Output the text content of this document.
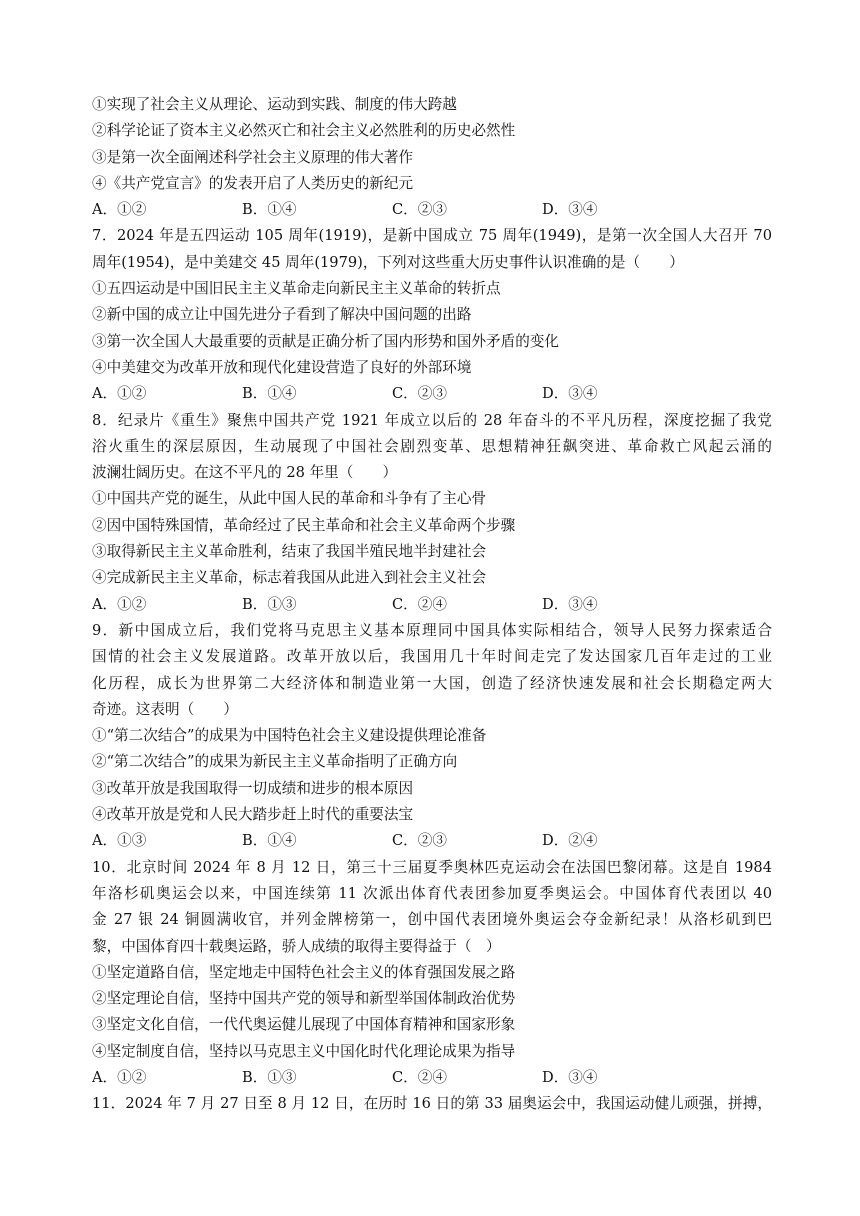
①实现了社会主义从理论、运动到实践、制度的伟大跨越
②科学论证了资本主义必然灭亡和社会主义必然胜利的历史必然性
③是第一次全面阐述科学社会主义原理的伟大著作
④《共产党宣言》的发表开启了人类历史的新纪元
A．①②	B．①④	C．②③	D．③④
7．2024 年是五四运动 105 周年(1919)，是新中国成立 75 周年(1949)，是第一次全国人大召开 70
周年(1954)，是中美建交 45 周年(1979)，下列对这些重大历史事件认识准确的是（　　）
①五四运动是中国旧民主主义革命走向新民主主义革命的转折点
②新中国的成立让中国先进分子看到了解决中国问题的出路
③第一次全国人大最重要的贡献是正确分析了国内形势和国外矛盾的变化
④中美建交为改革开放和现代化建设营造了良好的外部环境
A．①②	B．①④	C．②③	D．③④
8．纪录片《重生》聚焦中国共产党 1921 年成立以后的 28 年奋斗的不平凡历程，深度挖掘了我党
浴火重生的深层原因，生动展现了中国社会剧烈变革、思想精神狂飙突进、革命救亡风起云涌的
波澜壮阔历史。在这不平凡的 28 年里（　　）
①中国共产党的诞生，从此中国人民的革命和斗争有了主心骨
②因中国特殊国情，革命经过了民主革命和社会主义革命两个步骤
③取得新民主主义革命胜利，结束了我国半殖民地半封建社会
④完成新民主主义革命，标志着我国从此进入到社会主义社会
A．①②	B．①③	C．②④	D．③④
9．新中国成立后，我们党将马克思主义基本原理同中国具体实际相结合，领导人民努力探索适合
国情的社会主义发展道路。改革开放以后，我国用几十年时间走完了发达国家几百年走过的工业
化历程，成长为世界第二大经济体和制造业第一大国，创造了经济快速发展和社会长期稳定两大
奇迹。这表明（　　）
①“第二次结合”的成果为中国特色社会主义建设提供理论准备
②“第二次结合”的成果为新民主主义革命指明了正确方向
③改革开放是我国取得一切成绩和进步的根本原因
④改革开放是党和人民大踏步赶上时代的重要法宝
A．①③	B．①④	C．②③	D．②④
10．北京时间 2024 年 8 月 12 日，第三十三届夏季奥林匹克运动会在法国巴黎闭幕。这是自 1984
年洛杉矶奥运会以来，中国连续第 11 次派出体育代表团参加夏季奥运会。中国体育代表团以 40
金 27 银 24 铜圆满收官，并列金牌榜第一，创中国代表团境外奥运会夺金新纪录！从洛杉矶到巴
黎，中国体育四十载奥运路，骄人成绩的取得主要得益于（　）
①坚定道路自信，坚定地走中国特色社会主义的体育强国发展之路
②坚定理论自信，坚持中国共产党的领导和新型举国体制政治优势
③坚定文化自信，一代代奥运健儿展现了中国体育精神和国家形象
④坚定制度自信，坚持以马克思主义中国化时代化理论成果为指导
A．①②	B．①③	C．②④	D．③④
11．2024 年 7 月 27 日至 8 月 12 日，在历时 16 日的第 33 届奥运会中，我国运动健儿顽强，拼搏，
